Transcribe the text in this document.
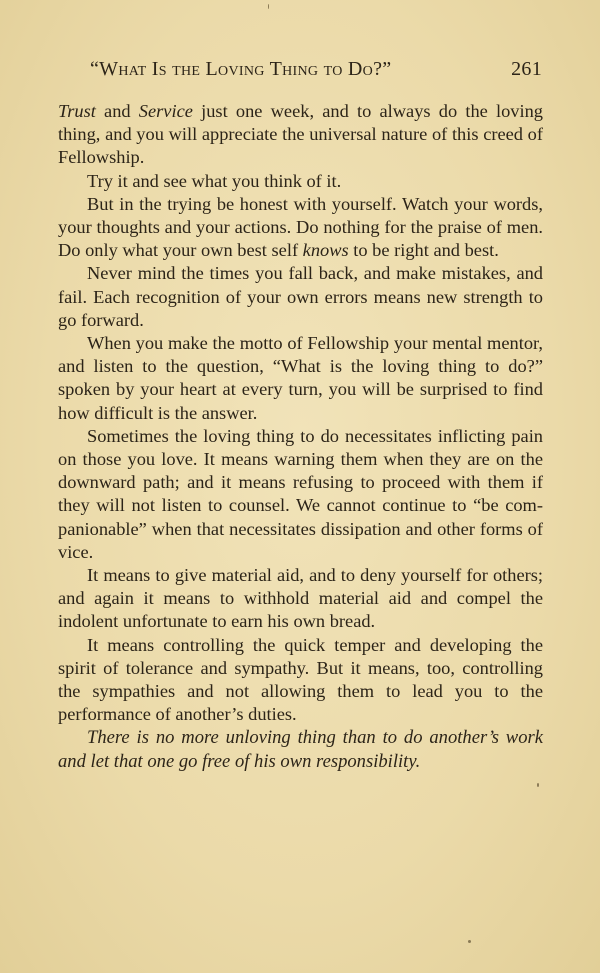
“What Is the Loving Thing to Do?”	261

Trust and Service just one week, and to always do the loving thing, and you will appreciate the universal nature of this creed of Fellowship.

Try it and see what you think of it.

But in the trying be honest with yourself. Watch your words, your thoughts and your actions. Do nothing for the praise of men. Do only what your own best self knows to be right and best.

Never mind the times you fall back, and make mistakes, and fail. Each recognition of your own errors means new strength to go forward.

When you make the motto of Fellowship your mental mentor, and listen to the question, “What is the loving thing to do?” spoken by your heart at every turn, you will be surprised to find how difficult is the answer.

Sometimes the loving thing to do necessitates inflicting pain on those you love. It means warning them when they are on the downward path; and it means refusing to proceed with them if they will not listen to counsel. We cannot continue to “be companionable” when that necessitates dissipation and other forms of vice.

It means to give material aid, and to deny yourself for others; and again it means to withhold material aid and compel the indolent unfortunate to earn his own bread.

It means controlling the quick temper and developing the spirit of tolerance and sympathy. But it means, too, controlling the sympathies and not allowing them to lead you to the performance of another’s duties.

There is no more unloving thing than to do another’s work and let that one go free of his own responsibility.
